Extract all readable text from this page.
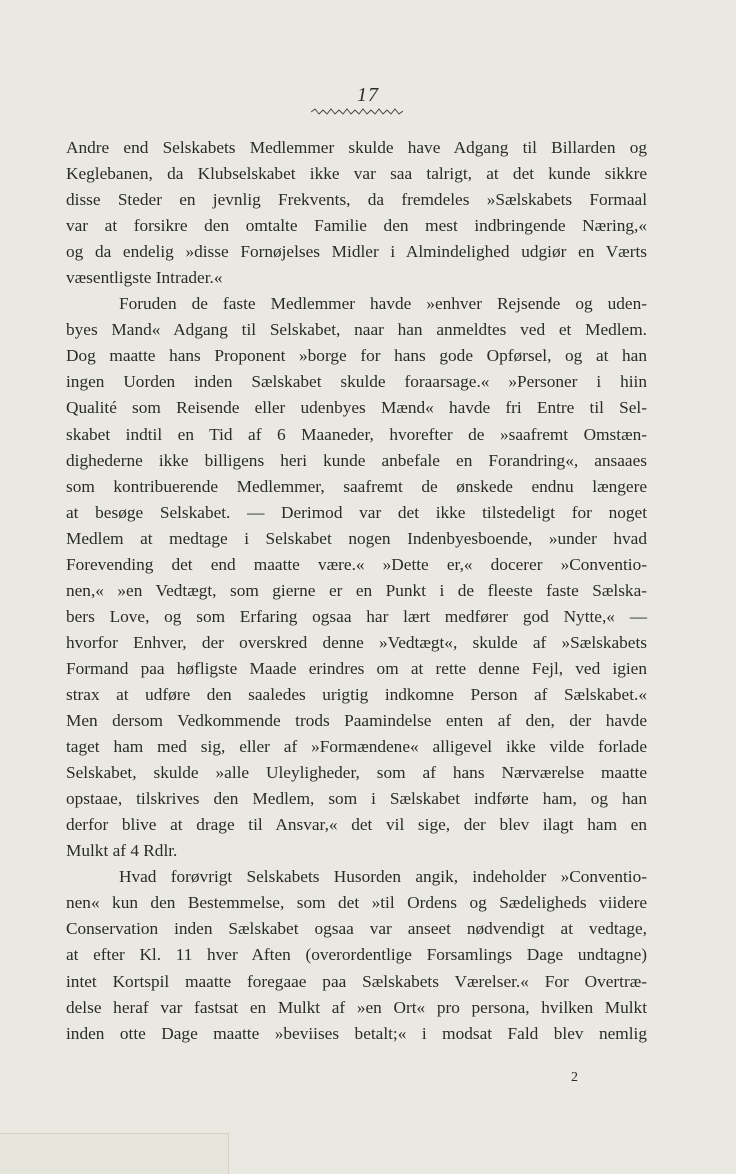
17
Andre end Selskabets Medlemmer skulde have Adgang til Billarden og
Keglebanen, da Klubselskabet ikke var saa talrigt, at det kunde sikkre
disse Steder en jevnlig Frekvents, da fremdeles »Sælskabets Formaal
var at forsikre den omtalte Familie den mest indbringende Næring,«
og da endelig »disse Fornøjelses Midler i Almindelighed udgiør en Værts
væsentligste Intrader.«
Foruden de faste Medlemmer havde »enhver Rejsende og uden-
byes Mand« Adgang til Selskabet, naar han anmeldtes ved et Medlem.
Dog maatte hans Proponent »borge for hans gode Opførsel, og at han
ingen Uorden inden Sælskabet skulde foraarsage.« »Personer i hiin
Qualité som Reisende eller udenbyes Mænd« havde fri Entre til Sel-
skabet indtil en Tid af 6 Maaneder, hvorefter de »saafremt Omstæn-
dighederne ikke billigens heri kunde anbefale en Forandring«, ansaaes
som kontribuerende Medlemmer, saafremt de ønskede endnu længere
at besøge Selskabet. — Derimod var det ikke tilstedeligt for noget
Medlem at medtage i Selskabet nogen Indenbyesboende, »under hvad
Forevending det end maatte være.« »Dette er,« docerer »Conventio-
nen,« »en Vedtægt, som gierne er en Punkt i de fleeste faste Sælska-
bers Love, og som Erfaring ogsaa har lært medfører god Nytte,« —
hvorfor Enhver, der overskred denne »Vedtægt«, skulde af »Sælskabets
Formand paa høfligste Maade erindres om at rette denne Fejl, ved igien
strax at udføre den saaledes urigtig indkomne Person af Sælskabet.«
Men dersom Vedkommende trods Paamindelse enten af den, der havde
taget ham med sig, eller af »Formændene« alligevel ikke vilde forlade
Selskabet, skulde »alle Uleyligheder, som af hans Nærværelse maatte
opstaae, tilskrives den Medlem, som i Sælskabet indførte ham, og han
derfor blive at drage til Ansvar,« det vil sige, der blev ilagt ham en
Mulkt af 4 Rdlr.
Hvad forøvrigt Selskabets Husorden angik, indeholder »Conventio-
nen« kun den Bestemmelse, som det »til Ordens og Sædeligheds viidere
Conservation inden Sælskabet ogsaa var anseet nødvendigt at vedtage,
at efter Kl. 11 hver Aften (overordentlige Forsamlings Dage undtagne)
intet Kortspil maatte foregaae paa Sælskabets Værelser.« For Overtræ-
delse heraf var fastsat en Mulkt af »en Ort« pro persona, hvilken Mulkt
inden otte Dage maatte »beviises betalt;« i modsat Fald blev nemlig
2
